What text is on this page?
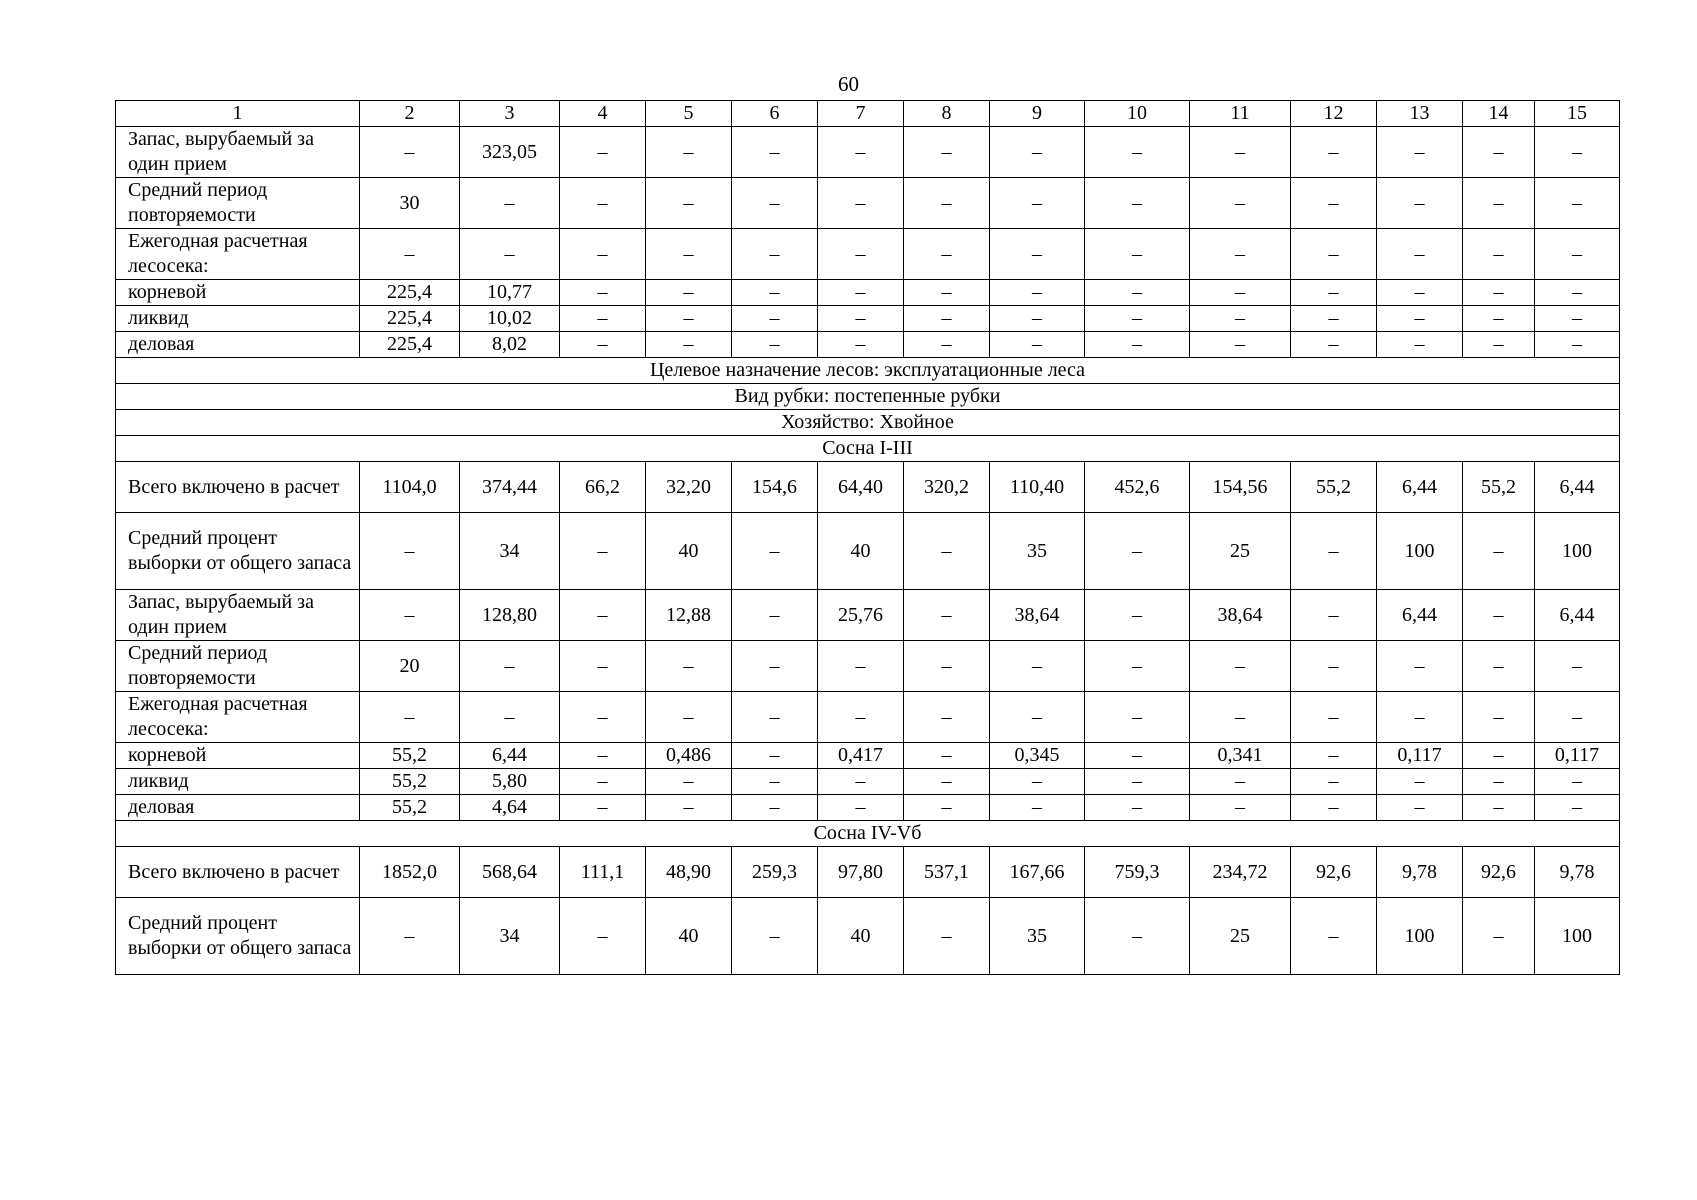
60
1	2	3	4	5	6	7	8	9	10	11	12	13	14	15
Запас, вырубаемый за один прием	–	323,05	–	–	–	–	–	–	–	–	–	–	–	–
Средний период повторяемости	30	–	–	–	–	–	–	–	–	–	–	–	–	–
Ежегодная расчетная лесосека:	–	–	–	–	–	–	–	–	–	–	–	–	–	–
корневой	225,4	10,77	–	–	–	–	–	–	–	–	–	–	–	–
ликвид	225,4	10,02	–	–	–	–	–	–	–	–	–	–	–	–
деловая	225,4	8,02	–	–	–	–	–	–	–	–	–	–	–	–
Целевое назначение лесов: эксплуатационные леса														
Вид рубки: постепенные рубки														
Хозяйство: Хвойное														
Сосна I-III														
Всего включено в расчет	1104,0	374,44	66,2	32,20	154,6	64,40	320,2	110,40	452,6	154,56	55,2	6,44	55,2	6,44
Средний процент выборки от общего запаса	–	34	–	40	–	40	–	35	–	25	–	100	–	100
Запас, вырубаемый за один прием	–	128,80	–	12,88	–	25,76	–	38,64	–	38,64	–	6,44	–	6,44
Средний период повторяемости	20	–	–	–	–	–	–	–	–	–	–	–	–	–
Ежегодная расчетная лесосека:	–	–	–	–	–	–	–	–	–	–	–	–	–	–
корневой	55,2	6,44	–	0,486	–	0,417	–	0,345	–	0,341	–	0,117	–	0,117
ликвид	55,2	5,80	–	–	–	–	–	–	–	–	–	–	–	–
деловая	55,2	4,64	–	–	–	–	–	–	–	–	–	–	–	–
Сосна IV-Vб														
Всего включено в расчет	1852,0	568,64	111,1	48,90	259,3	97,80	537,1	167,66	759,3	234,72	92,6	9,78	92,6	9,78
Средний процент выборки от общего запаса	–	34	–	40	–	40	–	35	–	25	–	100	–	100
